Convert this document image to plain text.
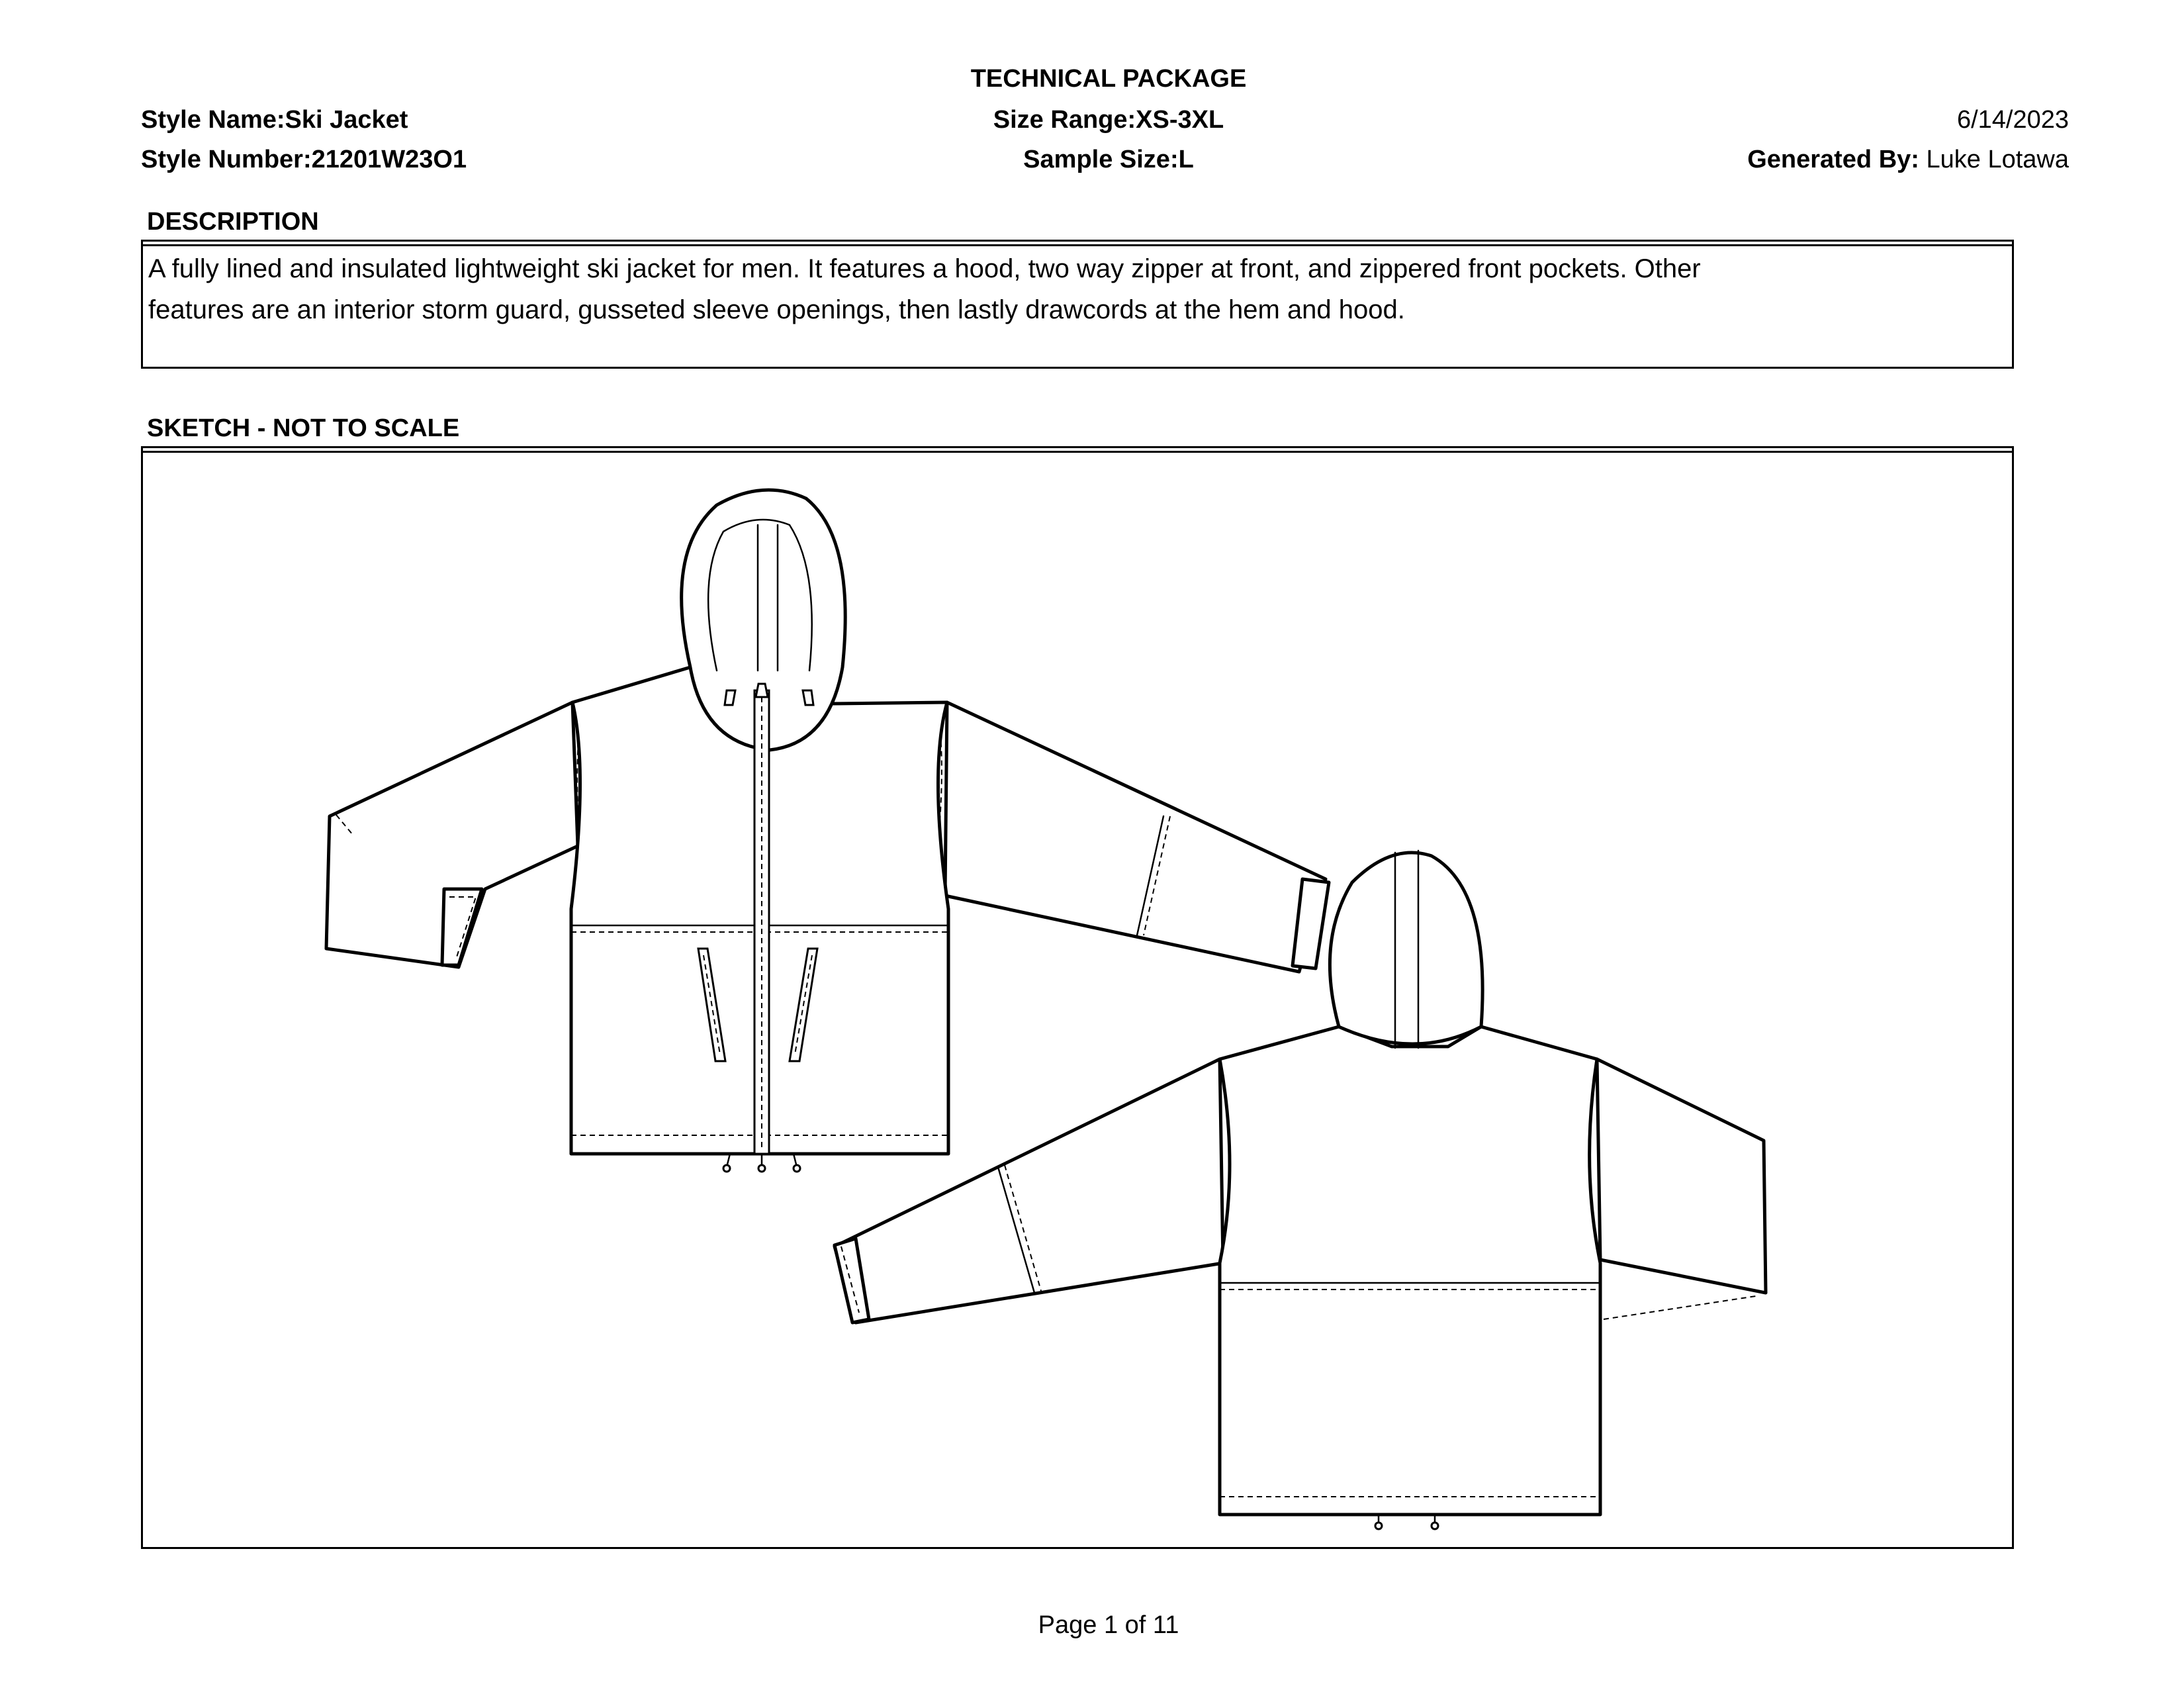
TECHNICAL PACKAGE
Style Name:Ski Jacket	Size Range:XS-3XL	6/14/2023
Style Number:21201W23O1	Sample Size:L	Generated By: Luke Lotawa
DESCRIPTION
A fully lined and insulated lightweight ski jacket for men. It features a hood, two way zipper at front, and zippered front pockets. Other
features are an interior storm guard, gusseted sleeve openings, then lastly drawcords at the hem and hood.
SKETCH - NOT TO SCALE
Page 1 of 11
